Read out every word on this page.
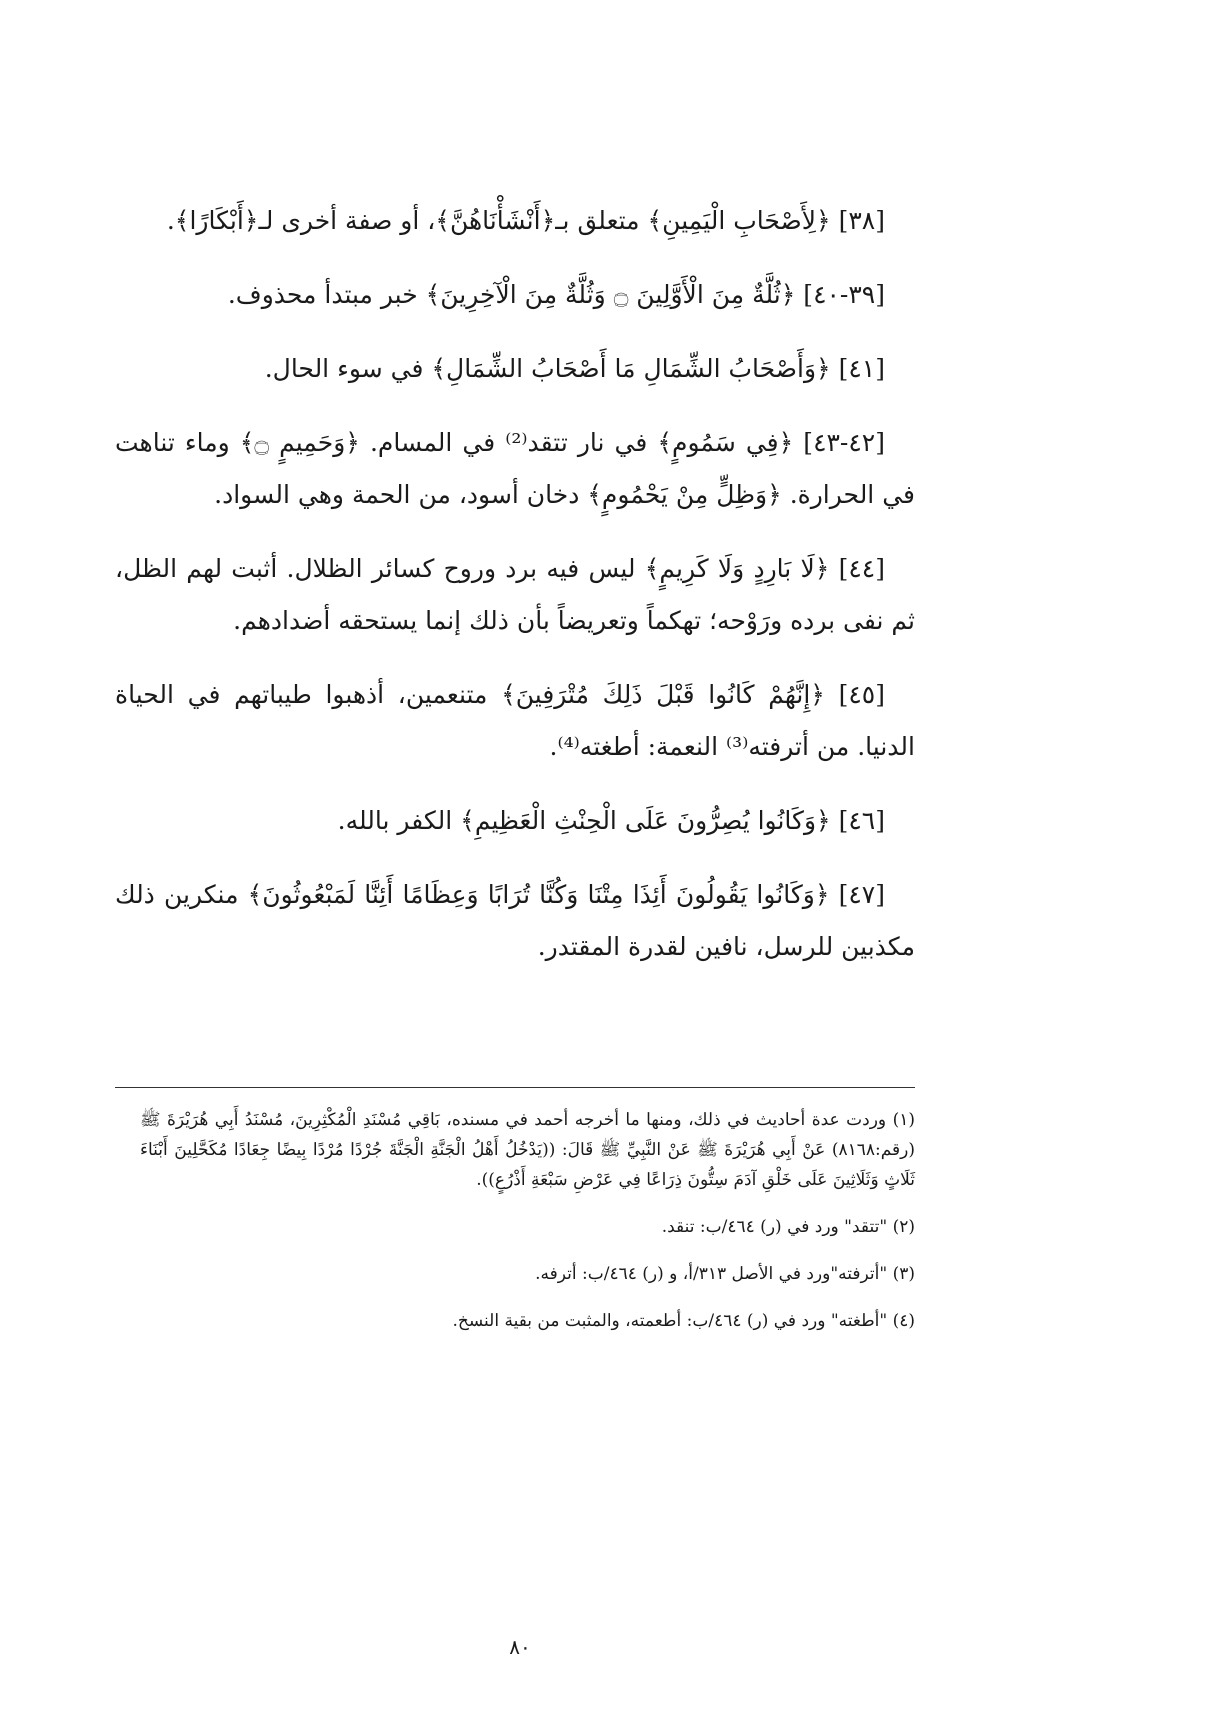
[٣٨] ﴿لِأَصْحَابِ الْيَمِينِ﴾ متعلق بـ﴿أَنْشَأْنَاهُنَّ﴾، أو صفة أخرى لـ﴿أَبْكَارًا﴾.

[٣٩-٤٠] ﴿ثُلَّةٌ مِنَ الْأَوَّلِينَ ۝ وَثُلَّةٌ مِنَ الْآخِرِينَ﴾ خبر مبتدأ محذوف.

[٤١] ﴿وَأَصْحَابُ الشِّمَالِ مَا أَصْحَابُ الشِّمَالِ﴾ في سوء الحال.

[٤٢-٤٣] ﴿فِي سَمُومٍ﴾ في نار تتقد⁽²⁾ في المسام. ﴿وَحَمِيمٍ ۝﴾ وماء تناهت في الحرارة. ﴿وَظِلٍّ مِنْ يَحْمُومٍ﴾ دخان أسود، من الحمة وهي السواد.

[٤٤] ﴿لَا بَارِدٍ وَلَا كَرِيمٍ﴾ ليس فيه برد وروح كسائر الظلال. أثبت لهم الظل، ثم نفى برده ورَوْحه؛ تهكماً وتعريضاً بأن ذلك إنما يستحقه أضدادهم.

[٤٥] ﴿إِنَّهُمْ كَانُوا قَبْلَ ذَلِكَ مُتْرَفِينَ﴾ متنعمين، أذهبوا طيباتهم في الحياة الدنيا. من أترفته⁽³⁾ النعمة: أطغته⁽⁴⁾.

[٤٦] ﴿وَكَانُوا يُصِرُّونَ عَلَى الْحِنْثِ الْعَظِيمِ﴾ الكفر بالله.

[٤٧] ﴿وَكَانُوا يَقُولُونَ أَئِذَا مِتْنَا وَكُنَّا تُرَابًا وَعِظَامًا أَئِنَّا لَمَبْعُوثُونَ﴾ منكرين ذلك مكذبين للرسل، نافين لقدرة المقتدر.

(١) وردت عدة أحاديث في ذلك، ومنها ما أخرجه أحمد في مسنده، بَاقِي مُسْنَدِ الْمُكْثِرِينَ، مُسْنَدُ أَبِي هُرَيْرَةَ ﷺ (رقم:٨١٦٨) عَنْ أَبِي هُرَيْرَةَ ﷺ عَنْ النَّبِيِّ ﷺ قَالَ: ((يَدْخُلُ أَهْلُ الْجَنَّةِ الْجَنَّةَ جُرْدًا مُرْدًا بِيضًا جِعَادًا مُكَحَّلِينَ أَبْنَاءَ ثَلَاثٍ وَثَلَاثِينَ عَلَى خَلْقِ آدَمَ سِتُّونَ ذِرَاعًا فِي عَرْضِ سَبْعَةِ أَذْرُعٍ)).

(٢) "تتقد" ورد في (ر) ٤٦٤/ب: تنقد.

(٣) "أترفته"ورد في الأصل ٣١٣/أ، و (ر) ٤٦٤/ب: أترفه.

(٤) "أطغته" ورد في (ر) ٤٦٤/ب: أطعمته، والمثبت من بقية النسخ.

٨٠
